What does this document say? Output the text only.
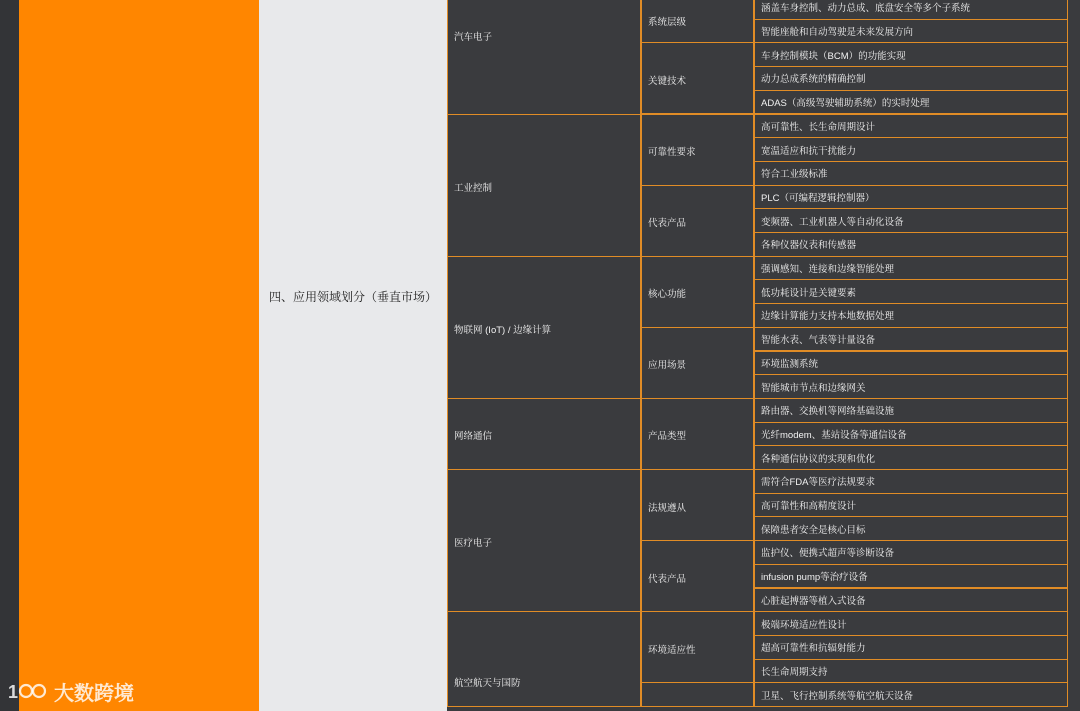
四、应用领域划分（垂直市场）
涵盖车身控制、动力总成、底盘安全等多个子系统
智能座舱和自动驾驶是未来发展方向
系统层级
车身控制模块（BCM）的功能实现
动力总成系统的精确控制
ADAS（高级驾驶辅助系统）的实时处理
关键技术
汽车电子
高可靠性、长生命周期设计
宽温适应和抗干扰能力
符合工业级标准
可靠性要求
PLC（可编程逻辑控制器）
变频器、工业机器人等自动化设备
各种仪器仪表和传感器
代表产品
工业控制
强调感知、连接和边缘智能处理
低功耗设计是关键要素
边缘计算能力支持本地数据处理
核心功能
智能水表、气表等计量设备
环境监测系统
智能城市节点和边缘网关
应用场景
物联网 (IoT) / 边缘计算
路由器、交换机等网络基础设施
光纤modem、基站设备等通信设备
各种通信协议的实现和优化
产品类型
网络通信
需符合FDA等医疗法规要求
高可靠性和高精度设计
保障患者安全是核心目标
法规遵从
监护仪、便携式超声等诊断设备
infusion pump等治疗设备
心脏起搏器等植入式设备
代表产品
医疗电子
极端环境适应性设计
超高可靠性和抗辐射能力
长生命周期支持
环境适应性
卫星、飞行控制系统等航空航天设备
航空航天与国防
1 大数跨境
